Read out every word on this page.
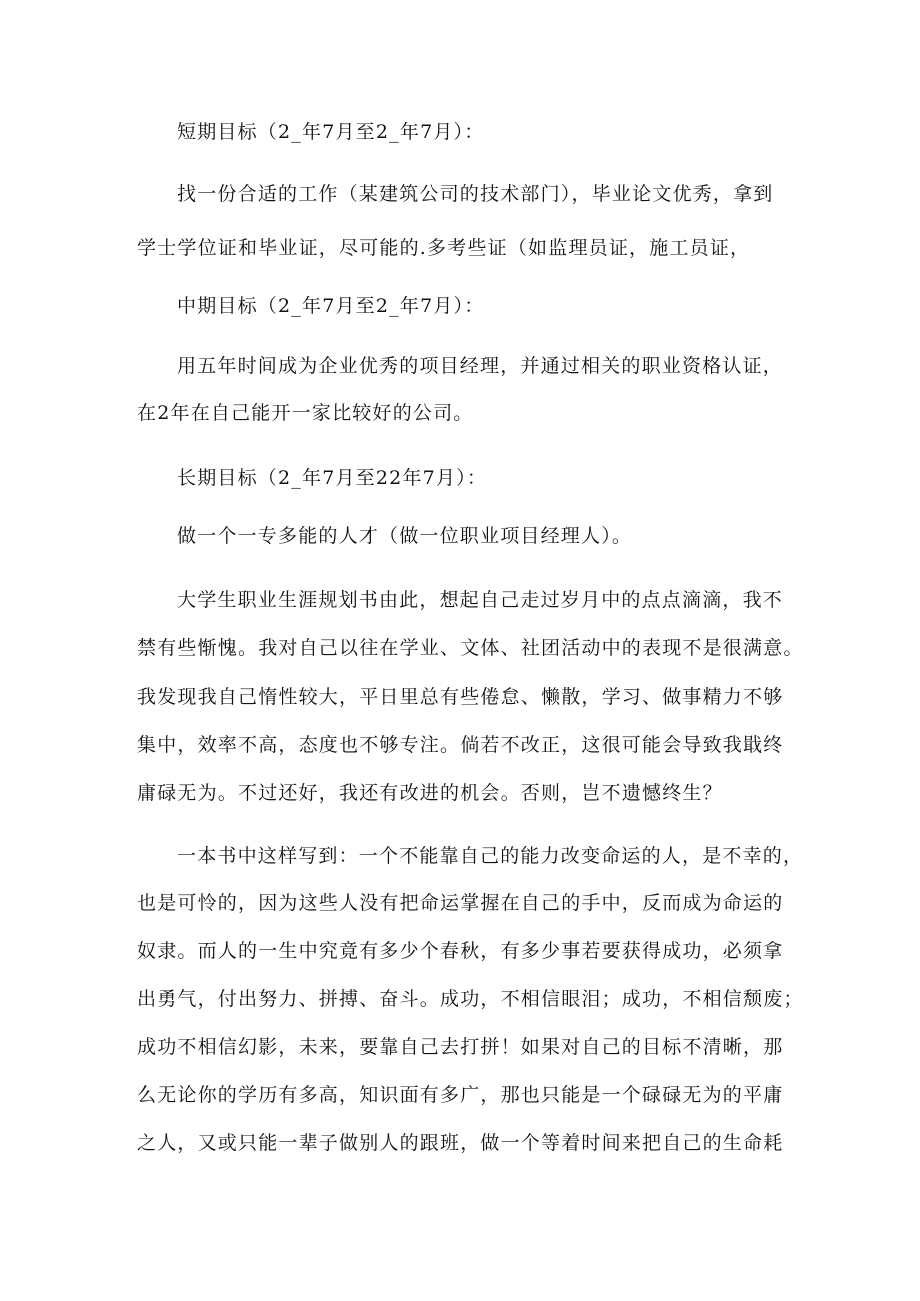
短期目标（2_年7月至2_年7月）：
找一份合适的工作（某建筑公司的技术部门），毕业论文优秀，拿到
学士学位证和毕业证，尽可能的.多考些证（如监理员证，施工员证，
中期目标（2_年7月至2_年7月）：
用五年时间成为企业优秀的项目经理，并通过相关的职业资格认证，
在2年在自己能开一家比较好的公司。
长期目标（2_年7月至22年7月）：
做一个一专多能的人才（做一位职业项目经理人）。
大学生职业生涯规划书由此，想起自己走过岁月中的点点滴滴，我不
禁有些惭愧。我对自己以往在学业、文体、社团活动中的表现不是很满意。
我发现我自己惰性较大，平日里总有些倦怠、懒散，学习、做事精力不够
集中，效率不高，态度也不够专注。倘若不改正，这很可能会导致我戢终
庸碌无为。不过还好，我还有改进的机会。否则，岂不遗憾终生？
一本书中这样写到：一个不能靠自己的能力改变命运的人，是不幸的，
也是可怜的，因为这些人没有把命运掌握在自己的手中，反而成为命运的
奴隶。而人的一生中究竟有多少个春秋，有多少事若要获得成功，必须拿
出勇气，付出努力、拼搏、奋斗。成功，不相信眼泪；成功，不相信颓废；
成功不相信幻影，未来，要靠自己去打拼！如果对自己的目标不清晰，那
么无论你的学历有多高，知识面有多广，那也只能是一个碌碌无为的平庸
之人，又或只能一辈子做别人的跟班，做一个等着时间来把自己的生命耗
